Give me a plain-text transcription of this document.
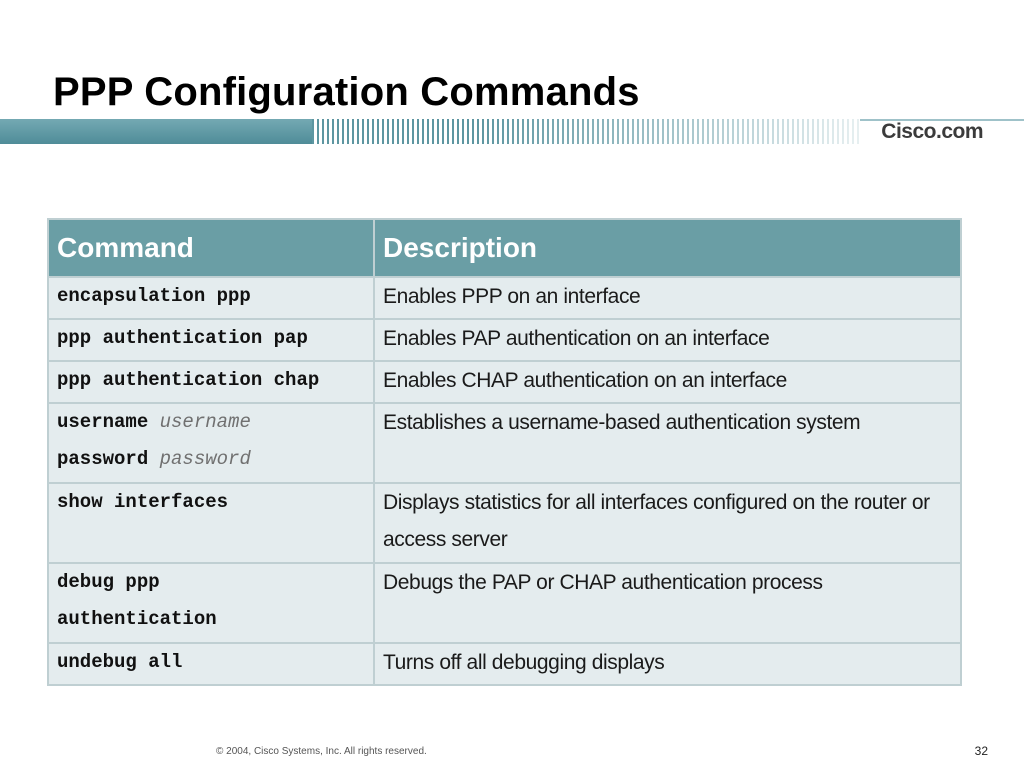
PPP Configuration Commands
Cisco.com
Command	Description
encapsulation ppp	Enables PPP on an interface
ppp authentication pap	Enables PAP authentication on an interface
ppp authentication chap	Enables CHAP authentication on an interface

username username
password password	Establishes a username-based authentication system
show interfaces	Displays statistics for all interfaces configured on the router or access server

debug ppp
authentication	Debugs the PAP or CHAP authentication process
undebug all	Turns off all debugging displays
© 2004, Cisco Systems, Inc. All rights reserved.	32
